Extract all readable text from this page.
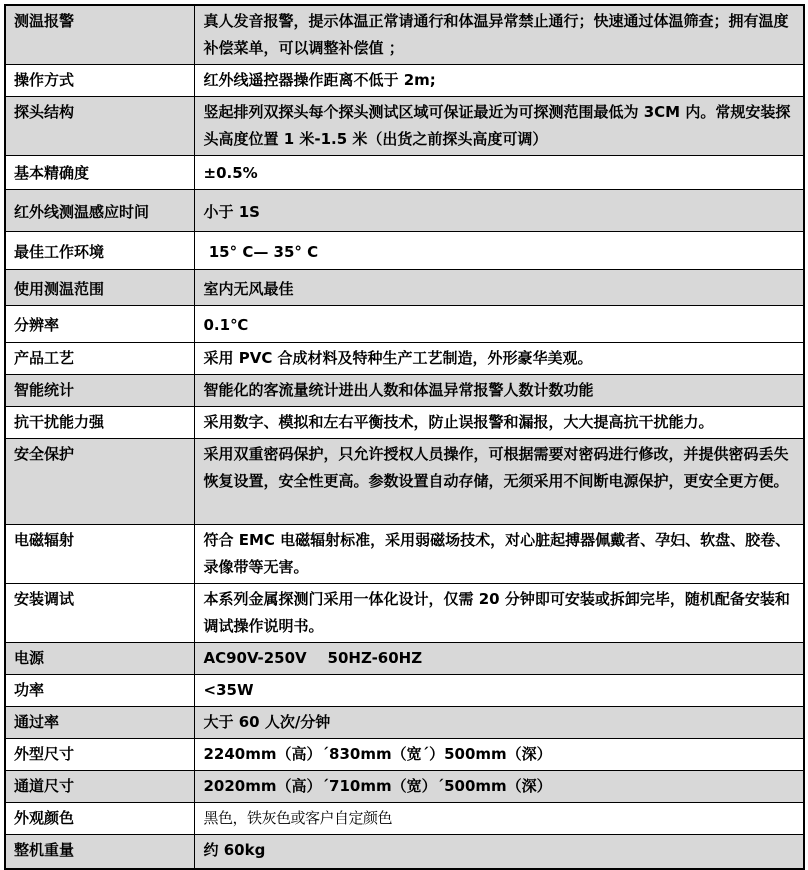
测温报警	真人发音报警，提示体温正常请通行和体温异常禁止通行；快速通过体温筛查；拥有温度补偿菜单，可以调整补偿值 ；
操作方式	红外线遥控器操作距离不低于 2m;
探头结构	竖起排列双探头每个探头测试区域可保证最近为可探测范围最低为 3CM 内。常规安装探头高度位置 1 米-1.5 米（出货之前探头高度可调）
基本精确度	±0.5%
红外线测温感应时间	小于 1S
最佳工作环境	15° C— 35° C
使用测温范围	室内无风最佳
分辨率	0.1℃
产品工艺	采用 PVC 合成材料及特种生产工艺制造，外形豪华美观。
智能统计	智能化的客流量统计进出人数和体温异常报警人数计数功能
抗干扰能力强	采用数字、模拟和左右平衡技术，防止误报警和漏报，大大提高抗干扰能力。
安全保护	采用双重密码保护，只允许授权人员操作，可根据需要对密码进行修改，并提供密码丢失恢复设置，安全性更高。参数设置自动存储，无须采用不间断电源保护，更安全更方便。
电磁辐射	符合 EMC 电磁辐射标准，采用弱磁场技术，对心脏起搏器佩戴者、孕妇、软盘、胶卷、录像带等无害。
安装调试	本系列金属探测门采用一体化设计，仅需 20 分钟即可安装或拆卸完毕，随机配备安装和调试操作说明书。
电源	AC90V-250V    50HZ-60HZ
功率	<35W
通过率	大于 60 人次/分钟
外型尺寸	2240mm（高）´830mm（宽´）500mm（深）
通道尺寸	2020mm（高）´710mm（宽）´500mm（深）
外观颜色	黑色，铁灰色或客户自定颜色
整机重量	约 60kg
